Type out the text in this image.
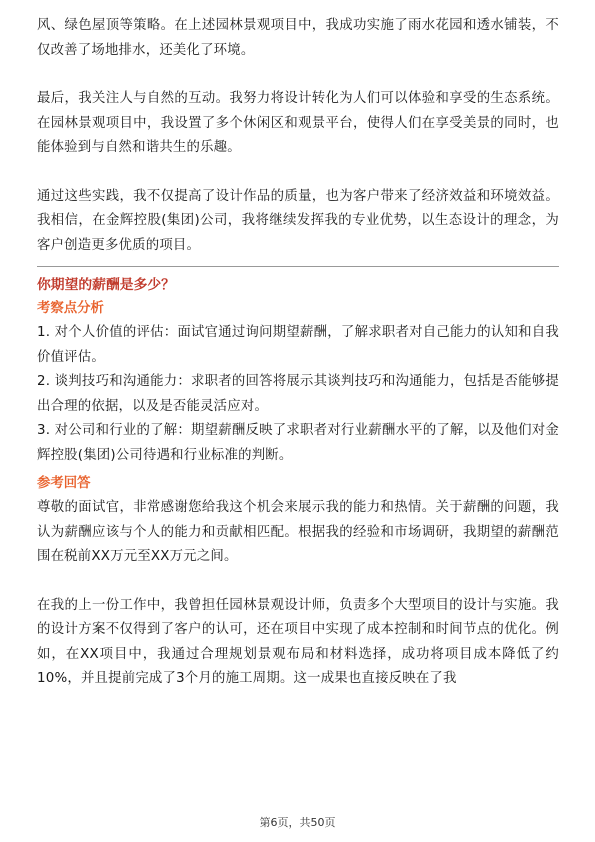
风、绿色屋顶等策略。在上述园林景观项目中，我成功实施了雨水花园和透水铺装，不仅改善了场地排水，还美化了环境。

最后，我关注人与自然的互动。我努力将设计转化为人们可以体验和享受的生态系统。在园林景观项目中，我设置了多个休闲区和观景平台，使得人们在享受美景的同时，也能体验到与自然和谐共生的乐趣。

通过这些实践，我不仅提高了设计作品的质量，也为客户带来了经济效益和环境效益。我相信，在金辉控股(集团)公司，我将继续发挥我的专业优势，以生态设计的理念，为客户创造更多优质的项目。

你期望的薪酬是多少？

考察点分析

1. 对个人价值的评估：面试官通过询问期望薪酬，了解求职者对自己能力的认知和自我价值评估。

2. 谈判技巧和沟通能力：求职者的回答将展示其谈判技巧和沟通能力，包括是否能够提出合理的依据，以及是否能灵活应对。

3. 对公司和行业的了解：期望薪酬反映了求职者对行业薪酬水平的了解，以及他们对金辉控股(集团)公司待遇和行业标准的判断。

参考回答

尊敬的面试官，非常感谢您给我这个机会来展示我的能力和热情。关于薪酬的问题，我认为薪酬应该与个人的能力和贡献相匹配。根据我的经验和市场调研，我期望的薪酬范围在税前XX万元至XX万元之间。

在我的上一份工作中，我曾担任园林景观设计师，负责多个大型项目的设计与实施。我的设计方案不仅得到了客户的认可，还在项目中实现了成本控制和时间节点的优化。例如，在XX项目中，我通过合理规划景观布局和材料选择，成功将项目成本降低了约10%，并且提前完成了3个月的施工周期。这一成果也直接反映在了我

第6页，共50页
